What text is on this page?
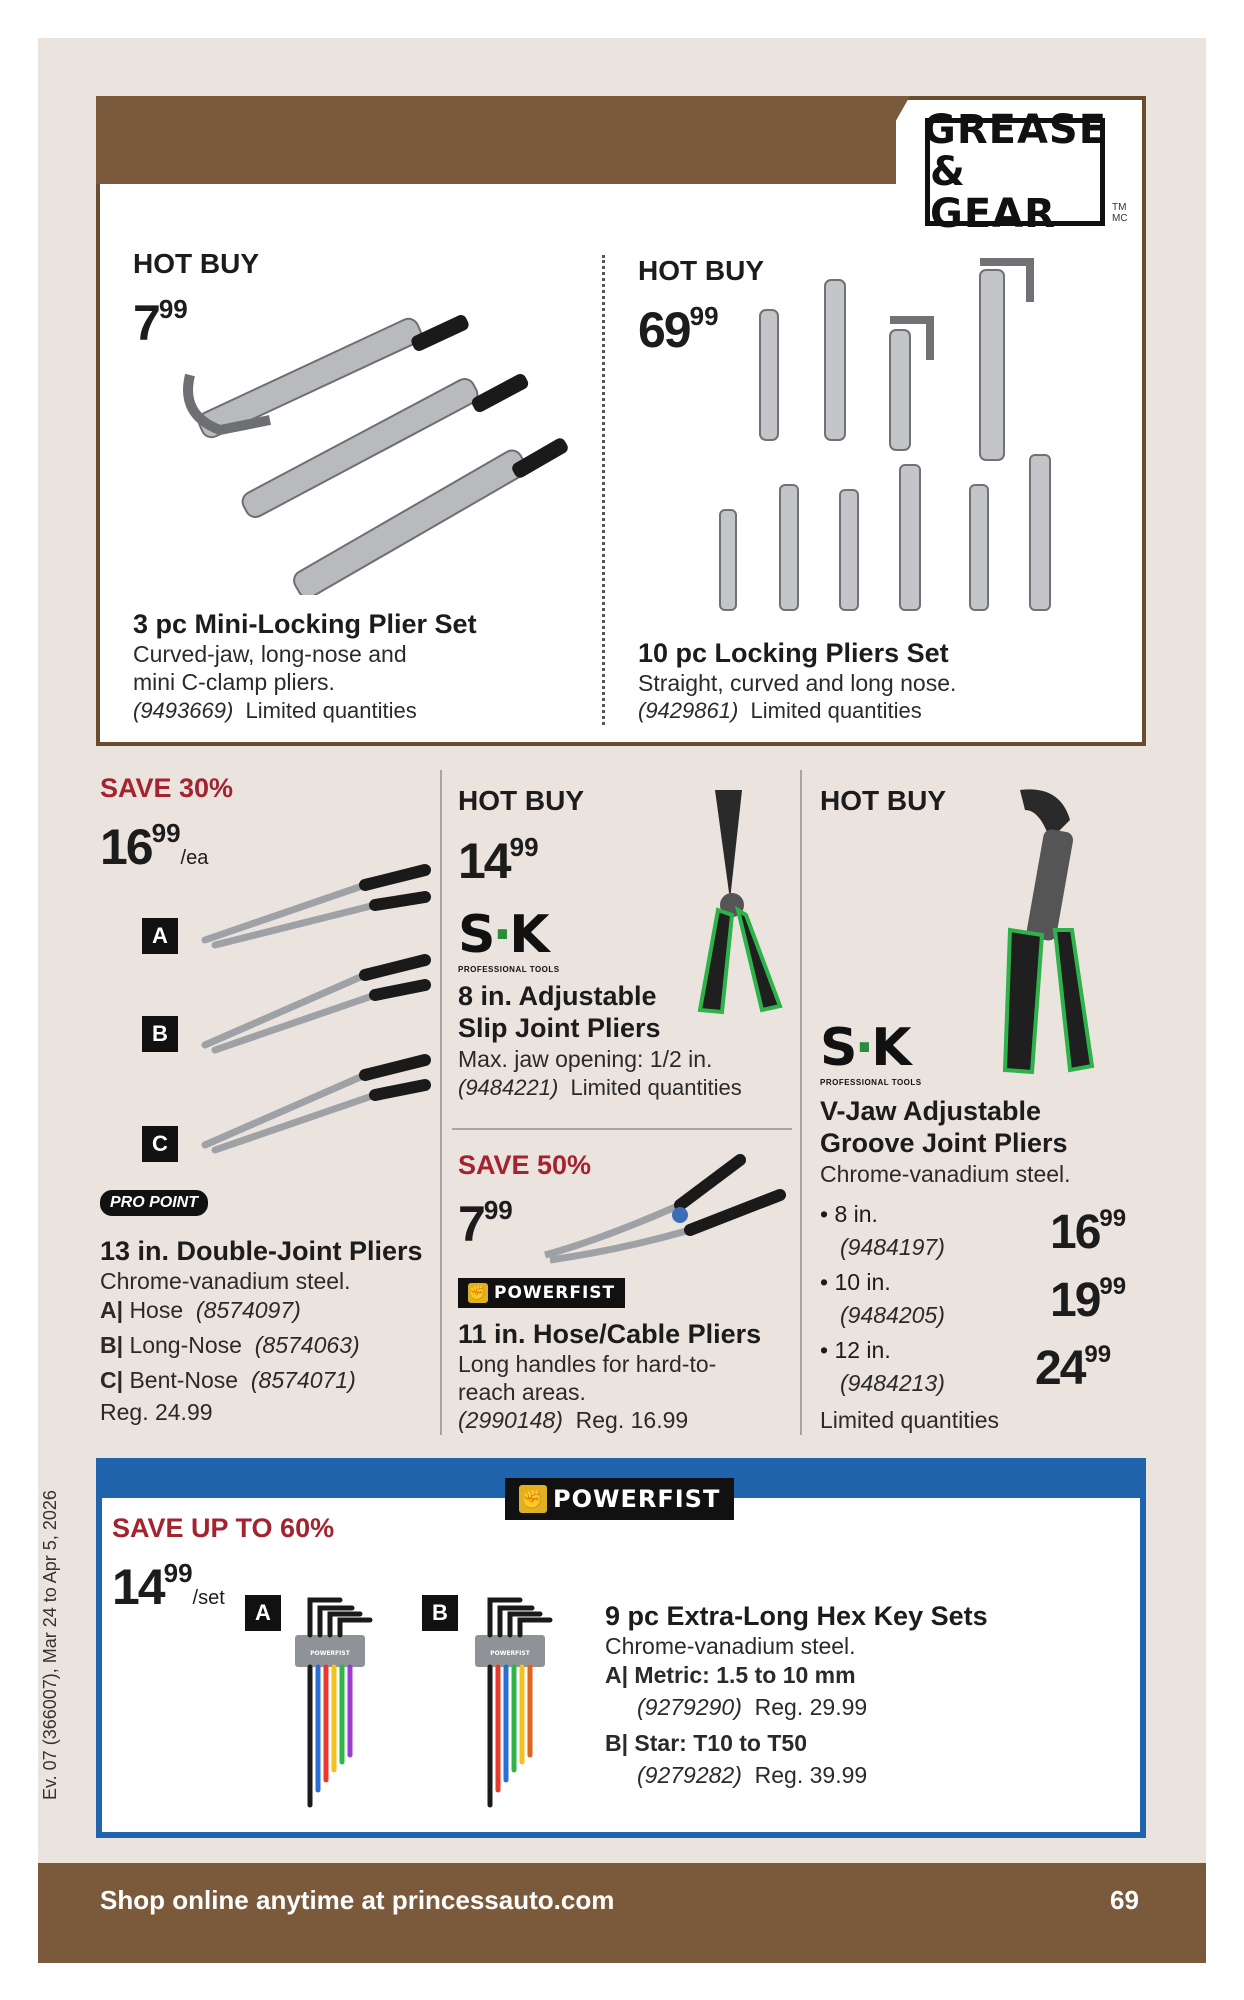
GREASE
& GEAR	TM
MC
HOT BUY
$7^{99}$
3 pc Mini-Locking Plier Set
Curved-jaw, long-nose and
mini C-clamp pliers.
(9493669) Limited quantities
HOT BUY
$69^{99}$
10 pc Locking Pliers Set
Straight, curved and long nose.
(9429861) Limited quantities
SAVE 30%
$16^{99}/ea$
A
B
C
PRO POINT
13 in. Double-Joint Pliers
Chrome-vanadium steel.
A| Hose (8574097)
B| Long-Nose (8574063)
C| Bent-Nose (8574071)
Reg. 24.99
HOT BUY
$14^{99}$
S·K
PROFESSIONAL TOOLS
8 in. Adjustable
Slip Joint Pliers
Max. jaw opening: 1/2 in.
(9484221) Limited quantities
SAVE 50%
$7^{99}$
✊ POWERFIST
11 in. Hose/Cable Pliers
Long handles for hard-to-
reach areas.
(2990148) Reg. 16.99
HOT BUY
S·K
PROFESSIONAL TOOLS
V-Jaw Adjustable
Groove Joint Pliers
Chrome-vanadium steel.
• 8 in.
(9484197) $16^{99}$
• 10 in.
(9484205) $19^{99}$
• 12 in.
(9484213) $24^{99}$
Limited quantities
✊ POWERFIST
SAVE UP TO 60%
$14^{99}$/set
A	B
POWERFIST	POWERFIST
9 pc Extra-Long Hex Key Sets
Chrome-vanadium steel.
A| Metric: 1.5 to 10 mm
(9279290) Reg. 29.99
B| Star: T10 to T50
(9279282) Reg. 39.99
Ev. 07 (366007), Mar 24 to Apr 5, 2026
Shop online anytime at princessauto.com	69
